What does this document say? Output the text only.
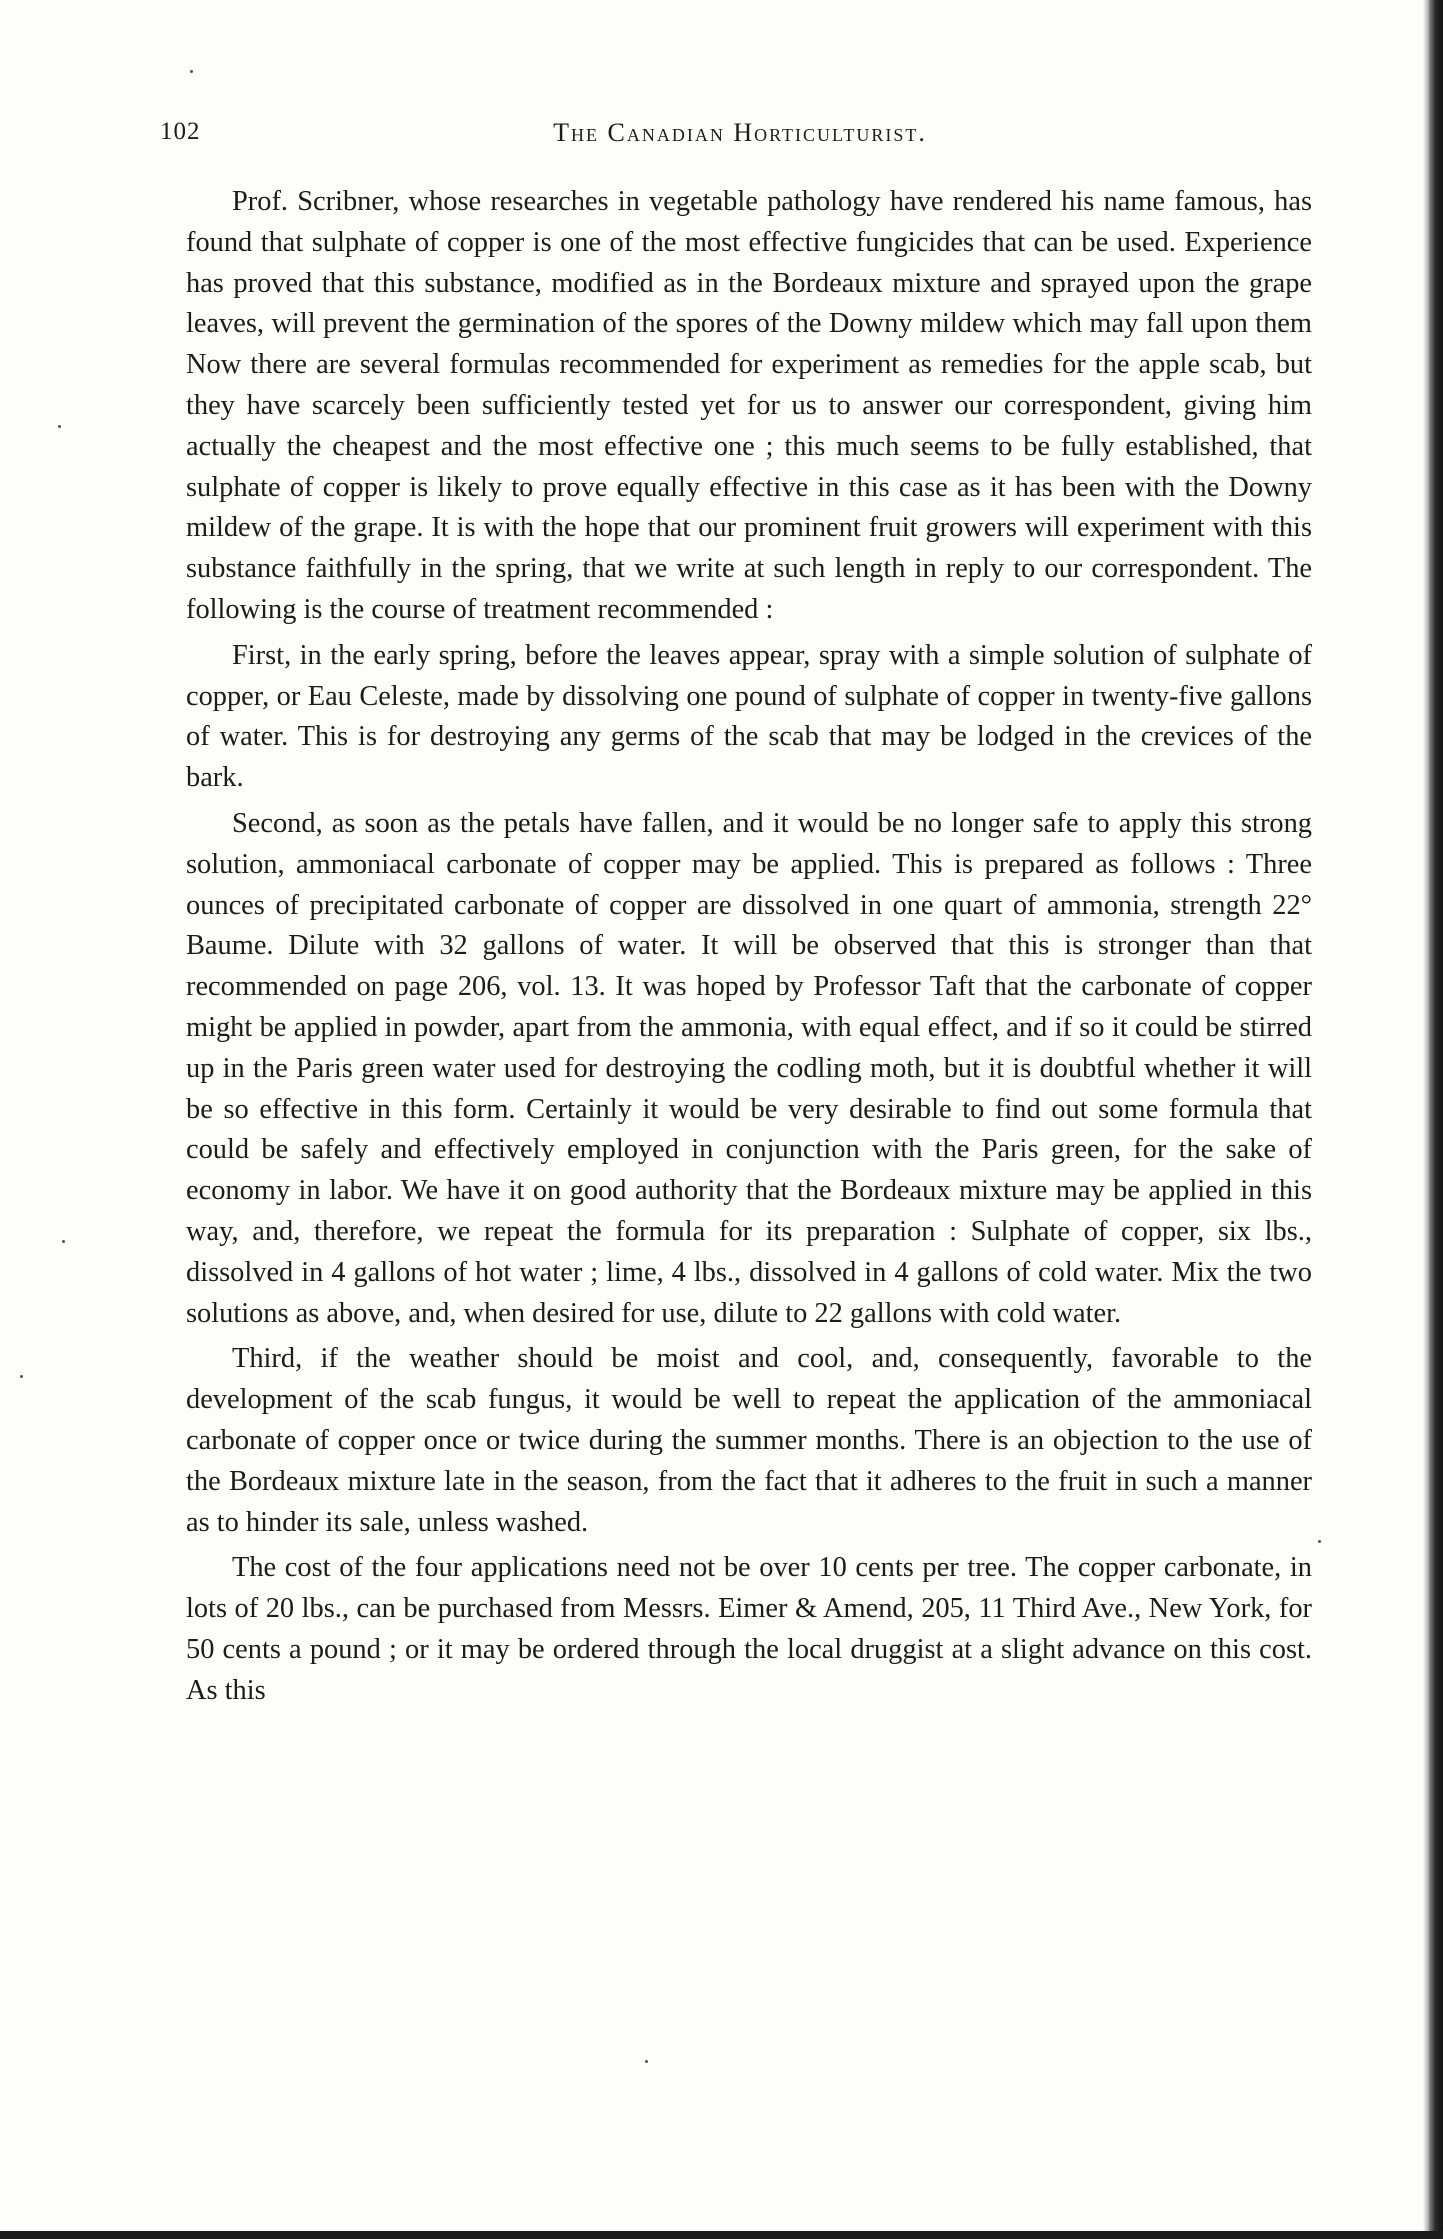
102	The Canadian Horticulturist.

Prof. Scribner, whose researches in vegetable pathology have rendered his name famous, has found that sulphate of copper is one of the most effective fungicides that can be used. Experience has proved that this substance, modified as in the Bordeaux mixture and sprayed upon the grape leaves, will prevent the germination of the spores of the Downy mildew which may fall upon them Now there are several formulas recommended for experiment as remedies for the apple scab, but they have scarcely been sufficiently tested yet for us to answer our correspondent, giving him actually the cheapest and the most effective one ; this much seems to be fully established, that sulphate of copper is likely to prove equally effective in this case as it has been with the Downy mildew of the grape. It is with the hope that our prominent fruit growers will experiment with this substance faithfully in the spring, that we write at such length in reply to our correspondent. The following is the course of treatment recommended :

First, in the early spring, before the leaves appear, spray with a simple solution of sulphate of copper, or Eau Celeste, made by dissolving one pound of sulphate of copper in twenty-five gallons of water. This is for destroying any germs of the scab that may be lodged in the crevices of the bark.

Second, as soon as the petals have fallen, and it would be no longer safe to apply this strong solution, ammoniacal carbonate of copper may be applied. This is prepared as follows : Three ounces of precipitated carbonate of copper are dissolved in one quart of ammonia, strength 22° Baume. Dilute with 32 gallons of water. It will be observed that this is stronger than that recommended on page 206, vol. 13. It was hoped by Professor Taft that the carbonate of copper might be applied in powder, apart from the ammonia, with equal effect, and if so it could be stirred up in the Paris green water used for destroying the codling moth, but it is doubtful whether it will be so effective in this form. Certainly it would be very desirable to find out some formula that could be safely and effectively employed in conjunction with the Paris green, for the sake of economy in labor. We have it on good authority that the Bordeaux mixture may be applied in this way, and, therefore, we repeat the formula for its preparation : Sulphate of copper, six lbs., dissolved in 4 gallons of hot water ; lime, 4 lbs., dissolved in 4 gallons of cold water. Mix the two solutions as above, and, when desired for use, dilute to 22 gallons with cold water.

Third, if the weather should be moist and cool, and, consequently, favorable to the development of the scab fungus, it would be well to repeat the application of the ammoniacal carbonate of copper once or twice during the summer months. There is an objection to the use of the Bordeaux mixture late in the season, from the fact that it adheres to the fruit in such a manner as to hinder its sale, unless washed.

The cost of the four applications need not be over 10 cents per tree. The copper carbonate, in lots of 20 lbs., can be purchased from Messrs. Eimer & Amend, 205, 11 Third Ave., New York, for 50 cents a pound ; or it may be ordered through the local druggist at a slight advance on this cost. As this
